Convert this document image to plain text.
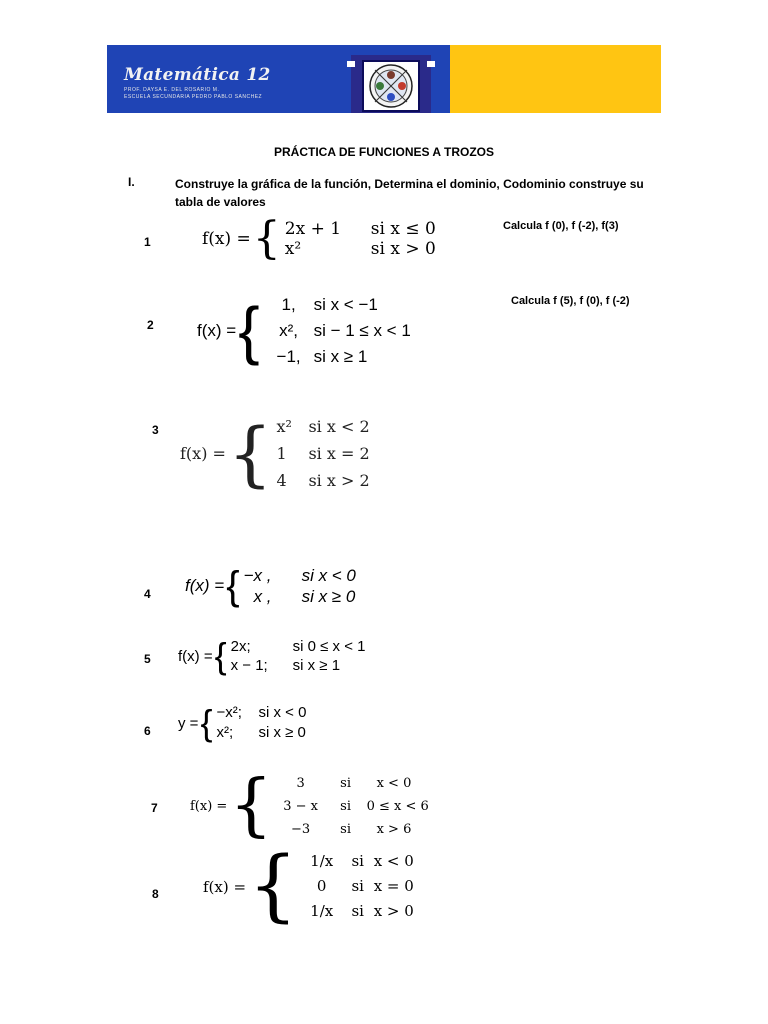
Matemática 12
PROF. DAYSA E. DEL ROSARIO M.
ESCUELA SECUNDARIA PEDRO PABLO SANCHEZ
PRÁCTICA DE FUNCIONES A TROZOS
I.	Construye la gráfica de la función, Determina el dominio, Codominio construye su tabla de valores
1	f(x) = { 2x + 1	si x ≤ 0
x²	si x > 0
Calcula f (0), f (-2), f(3)
2	f(x) = {	1,	si x < −1
x², si − 1 ≤ x < 1
−1, si x ≥ 1
Calcula f (5), f (0), f (-2)
3
f(x) = { x²	si x < 2
1	si x = 2
4	si x > 2
4 f(x) = { −x ,	si x < 0
x ,	si x ≥ 0
5 f(x) = { 2x;	si 0 ≤ x < 1
x − 1;	si x ≥ 1
6 y = { −x²;	si x < 0
x²;	si x ≥ 0
7 f(x) = {	3	si	x < 0
3 − x	si	0 ≤ x < 6
−3	si	x > 6
8	f(x) = { 1/x	si x < 0
0	si x = 0
1/x	si x > 0
